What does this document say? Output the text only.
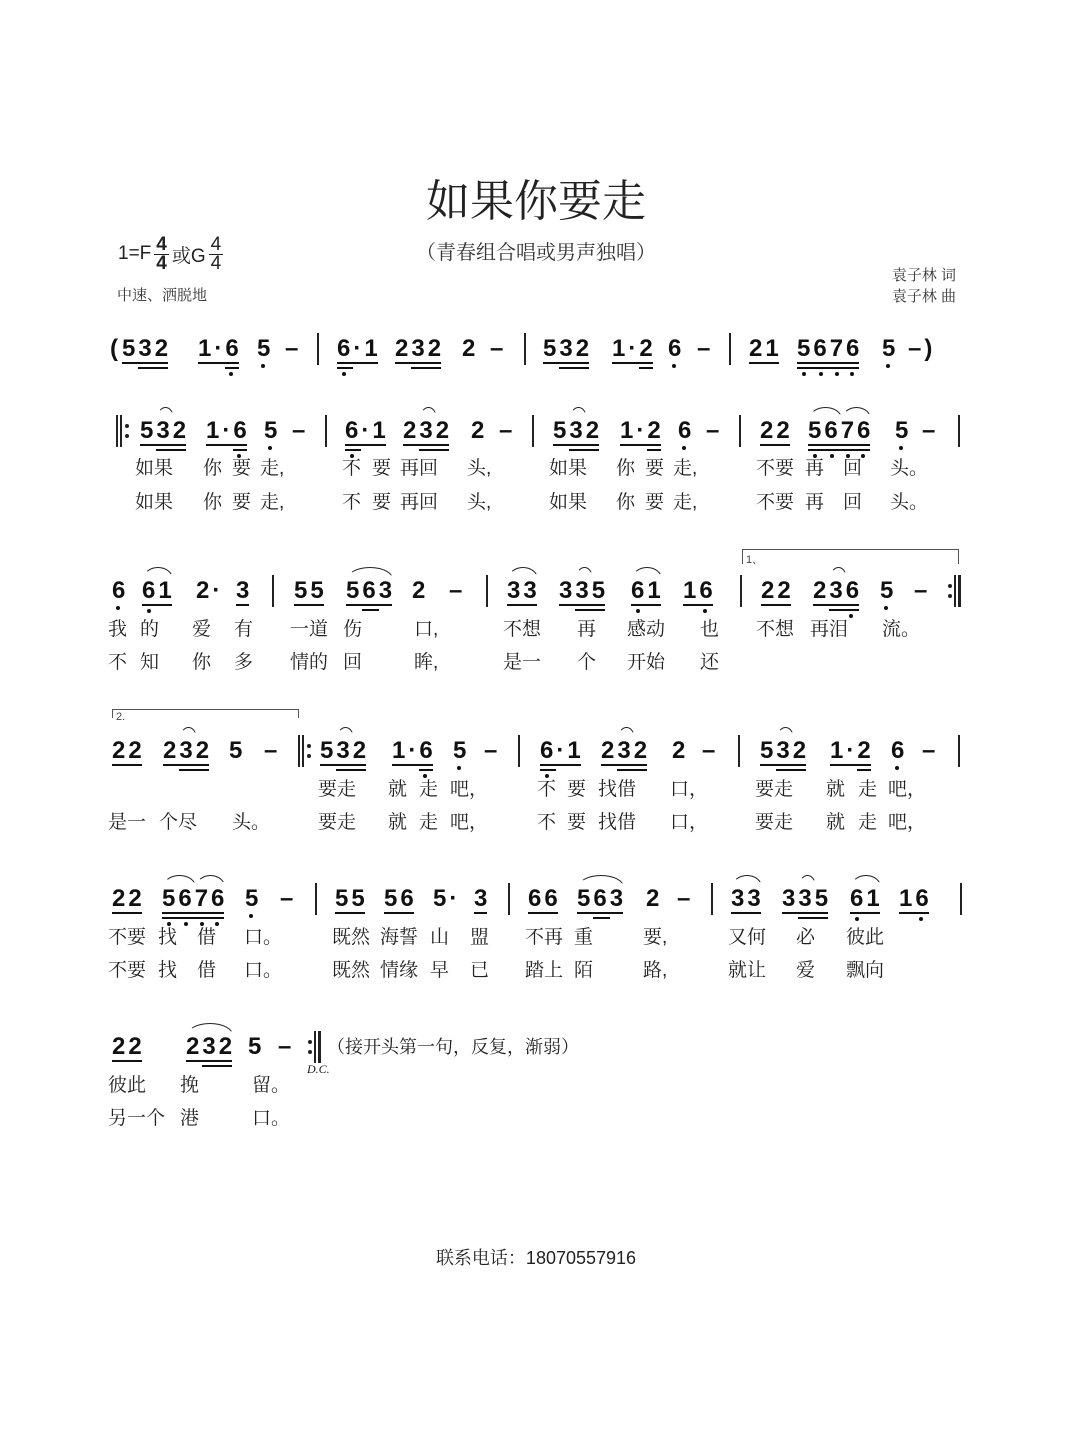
如果你要走
（青春组合唱或男声独唱）
$1=F \frac{4}{4}$ 或G $\frac{4}{4}$
中速、洒脱地
袁子林 词
袁子林 曲
( 532 1·6 5 – 6·1 232 2 – 532 1·2 6 – 21 5676 5 –)
532 1·6 5 – 6·1 232 2 – 532 1·2 6 – 22 5676 5 –
如果 你 要 走,	不 要 再回 头,	如果 你 要 走,	不要 再 回 头。
如果 你 要 走,	不 要 再回 头,	如果 你 要 走,	不要 再 回 头。
6 61 2· 3 55 563 2 – 33 335 61 16 22 236 5 –
我 的 爱 有 一道 伤	口,	不想 再 感动 也 不想 再泪 流。
不 知 你 多 情的 回	眸,	是一 个 开始 还
22 232 5 – 532 1·6 5 – 6·1 232 2 – 532 1·2 6 –
要走 就 走 吧，	不 要 找借 口， 要走 就 走 吧，
是一 个尽 头。	要走 就 走 吧，	不 要 找借 口， 要走 就 走 吧，
22 5676 5 – 55 56 5· 3 66 563 2 – 33 335 61 16
不要 找 借 口。	既然 海誓 山 盟 不再 重	要,	又何 必 彼此
不要 找 借 口。	既然 情缘 早 已 踏上 陌	路,	就让 爱 飘向
22 232 5 –
彼此 挽	留。
另一个 港	口。
1、
2.
D.C.
（接开头第一句，反复，渐弱）
联系电话：18070557916
